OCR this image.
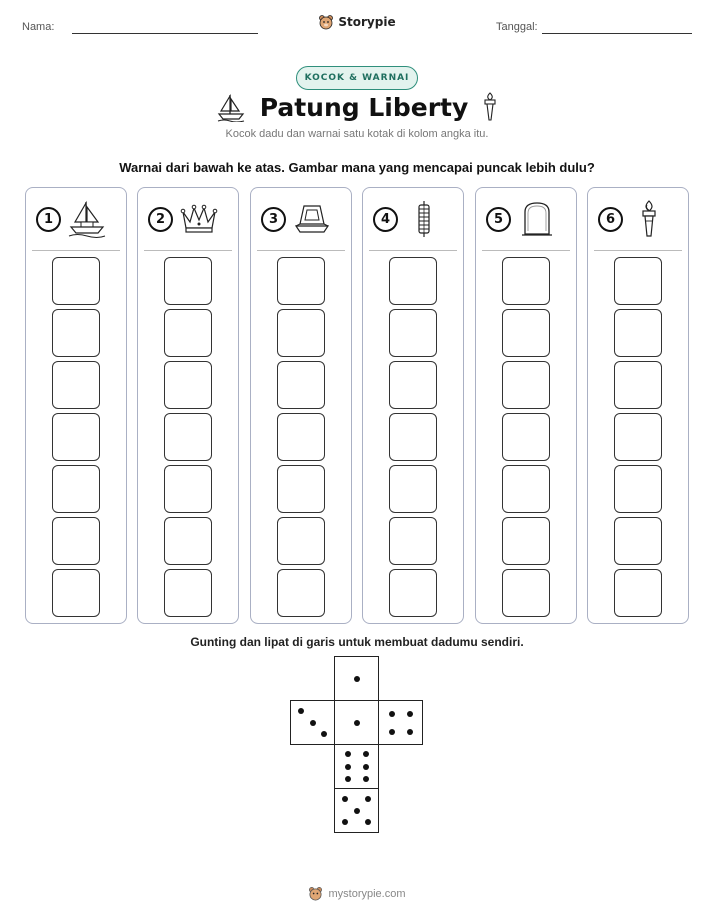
Nama:	Storypie	Tanggal:
KOCOK & WARNAI
Patung Liberty
Kocok dadu dan warnai satu kotak di kolom angka itu.
Warnai dari bawah ke atas. Gambar mana yang mencapai puncak lebih dulu?
1	2	3	4	5	6
Gunting dan lipat di garis untuk membuat dadumu sendiri.
mystorypie.com
